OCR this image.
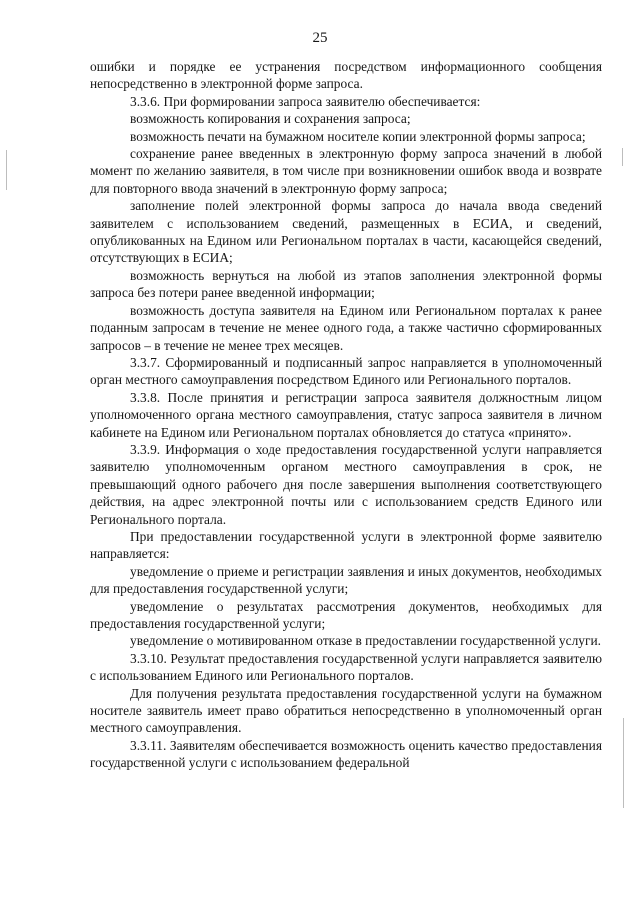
25

ошибки и порядке ее устранения посредством информационного сообщения непосредственно в электронной форме запроса.

3.3.6. При формировании запроса заявителю обеспечивается:

возможность копирования и сохранения запроса;

возможность печати на бумажном носителе копии электронной формы запроса;

сохранение ранее введенных в электронную форму запроса значений в любой момент по желанию заявителя, в том числе при возникновении ошибок ввода и возврате для повторного ввода значений в электронную форму запроса;

заполнение полей электронной формы запроса до начала ввода сведений заявителем с использованием сведений, размещенных в ЕСИА, и сведений, опубликованных на Едином или Региональном порталах в части, касающейся сведений, отсутствующих в ЕСИА;

возможность вернуться на любой из этапов заполнения электронной формы запроса без потери ранее введенной информации;

возможность доступа заявителя на Едином или Региональном порталах к ранее поданным запросам в течение не менее одного года, а также частично сформированных запросов – в течение не менее трех месяцев.

3.3.7. Сформированный и подписанный запрос направляется в уполномоченный орган местного самоуправления посредством Единого или Регионального порталов.

3.3.8. После принятия и регистрации запроса заявителя должностным лицом уполномоченного органа местного самоуправления, статус запроса заявителя в личном кабинете на Едином или Региональном порталах обновляется до статуса «принято».

3.3.9. Информация о ходе предоставления государственной услуги направляется заявителю уполномоченным органом местного самоуправления в срок, не превышающий одного рабочего дня после завершения выполнения соответствующего действия, на адрес электронной почты или с использованием средств Единого или Регионального портала.

При предоставлении государственной услуги в электронной форме заявителю направляется:

уведомление о приеме и регистрации заявления и иных документов, необходимых для предоставления государственной услуги;

уведомление о результатах рассмотрения документов, необходимых для предоставления государственной услуги;

уведомление о мотивированном отказе в предоставлении государственной услуги.

3.3.10. Результат предоставления государственной услуги направляется заявителю с использованием Единого или Регионального порталов.

Для получения результата предоставления государственной услуги на бумажном носителе заявитель имеет право обратиться непосредственно в уполномоченный орган местного самоуправления.

3.3.11. Заявителям обеспечивается возможность оценить качество предоставления государственной услуги с использованием федеральной
